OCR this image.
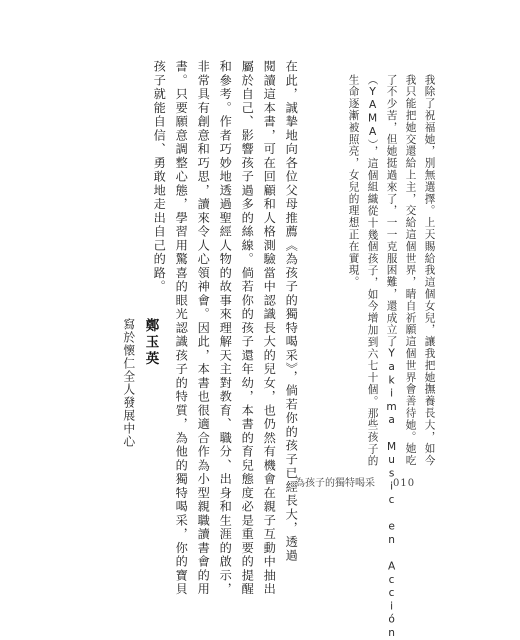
我除了祝福她，別無選擇。上天賜給我這個女兒，讓我把她撫養長大，如今
我只能把她交還給上主，交給這個世界，睛自祈願這個世界會善待她。她吃
了不少苦，但她挺過來了，一一克服困難，還成立了Yakima Music en Acción
（YAMA），這個組織從十幾個孩子，如今增加到六七十個。那些孩子的
生命逐漸被照亮，女兒的理想正在實現。
在此，誠摯地向各位父母推薦《為孩子的獨特喝采》，倘若你的孩子已經長大，透過
閱讀這本書，可在回顧和人格測驗當中認識長大的兒女，也仍然有機會在親子互動中抽出
屬於自己、影響孩子過多的絲線。倘若你的孩子還年幼，本書的育兒態度必是重要的提醒
和參考。作者巧妙地透過聖經人物的故事來理解天主對教育、職分、出身和生涯的啟示，
非常具有創意和巧思，讀來令人心領神會。因此，本書也很適合作為小型親職讀書會的用
書。只要願意調整心態，學習用驚喜的眼光認識孩子的特質，為他的獨特喝采，你的寶貝
孩子就能自信、勇敢地走出自己的路。
鄭玉英
寫於懷仁全人發展中心
為孩子的獨特喝采 010
